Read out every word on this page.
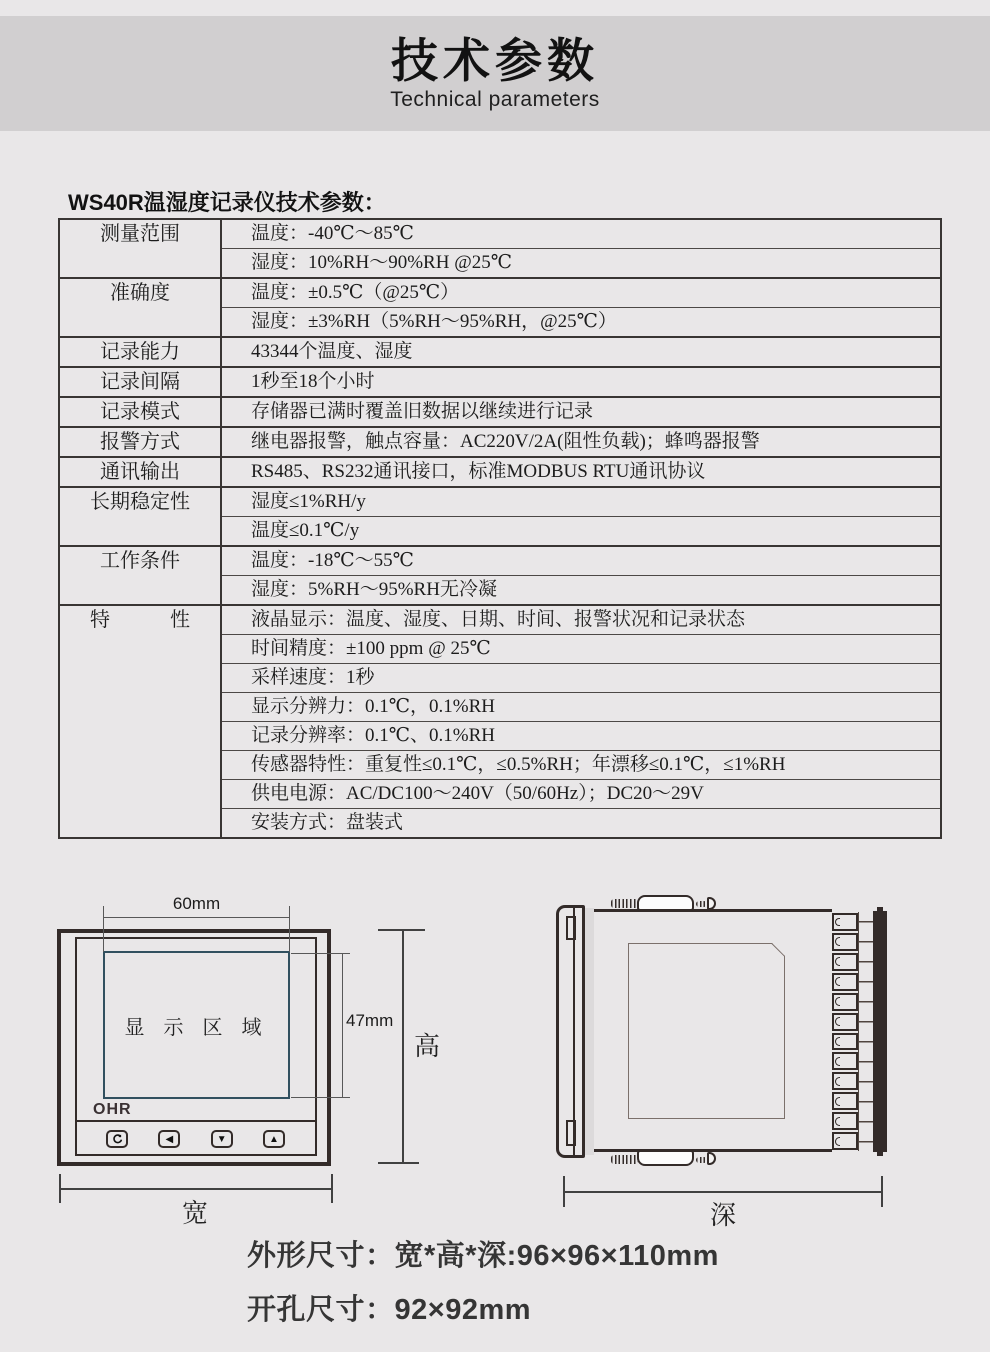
技术参数
Technical parameters
WS40R温湿度记录仪技术参数：
测量范围	温度：-40℃～85℃
湿度：10%RH～90%RH @25℃
准确度	温度：±0.5℃（@25℃）
湿度：±3%RH（5%RH～95%RH，@25℃）
记录能力	43344个温度、湿度
记录间隔	1秒至18个小时
记录模式	存储器已满时覆盖旧数据以继续进行记录
报警方式	继电器报警，触点容量：AC220V/2A(阻性负载)；蜂鸣器报警
通讯输出	RS485、RS232通讯接口，标准MODBUS RTU通讯协议
长期稳定性	湿度≤1%RH/y
温度≤0.1℃/y
工作条件	温度：-18℃～55℃
湿度：5%RH～95%RH无冷凝
特　　　性	液晶显示：温度、湿度、日期、时间、报警状况和记录状态
时间精度：±100 ppm @ 25℃
采样速度：1秒
显示分辨力：0.1℃，0.1%RH
记录分辨率：0.1℃、0.1%RH
传感器特性：重复性≤0.1℃，≤0.5%RH；年漂移≤0.1℃，≤1%RH
供电电源：AC/DC100～240V（50/60Hz）；DC20～29V
安装方式：盘装式
显 示 区 域
OHR
◀	▼	▲
60mm
47mm
高
宽	深
外形尺寸：宽*高*深:96×96×110mm
开孔尺寸：92×92mm
